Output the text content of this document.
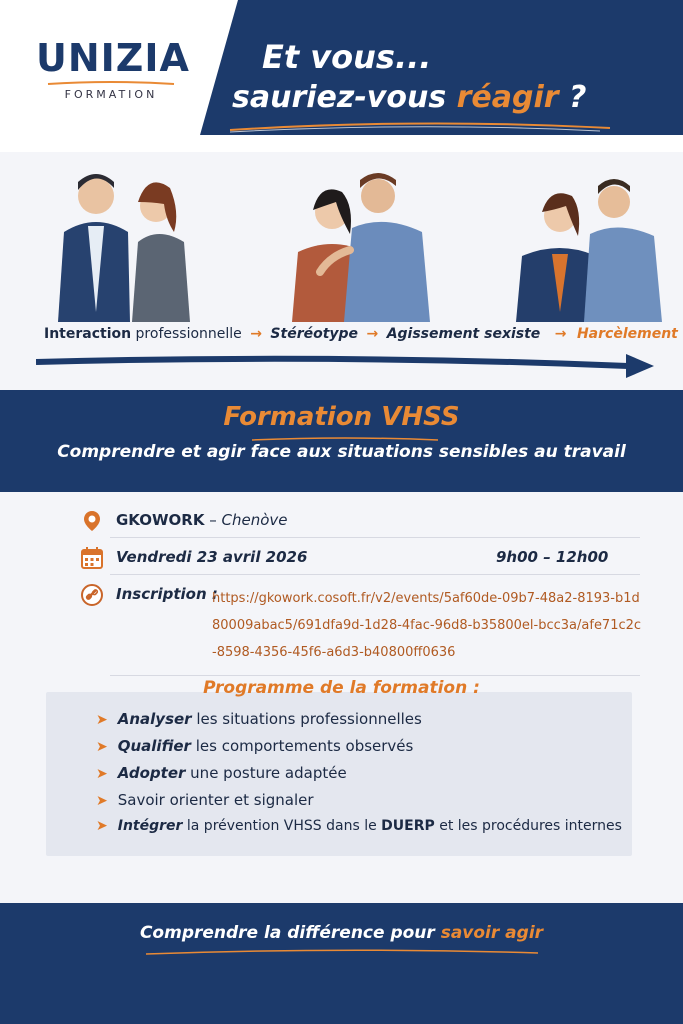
UNIZIA
FORMATION
Et vous...
sauriez-vous réagir ?
Interaction professionnelle → Stéréotype → Agissement sexiste → Harcèlement
Formation VHSS
Comprendre et agir face aux situations sensibles au travail
GKOWORK – Chenòve
Vendredi 23 avril 2026	9h00 – 12h00
Inscription :
https://gkowork.cosoft.fr/v2/events/5af60de-09b7-48a2-8193-b1d80009abac5/691dfa9d-1d28-4fac-96d8-b35800el-bcc3a/afe71c2c-8598-4356-45f6-a6d3-b40800ff0636
Programme de la formation :
➤ Analyser les situations professionnelles
➤ Qualifier les comportements observés
➤ Adopter une posture adaptée
➤ Savoir orienter et signaler
➤ Intégrer la prévention VHSS dans le DUERP et les procédures internes
Comprendre la différence pour savoir agir
